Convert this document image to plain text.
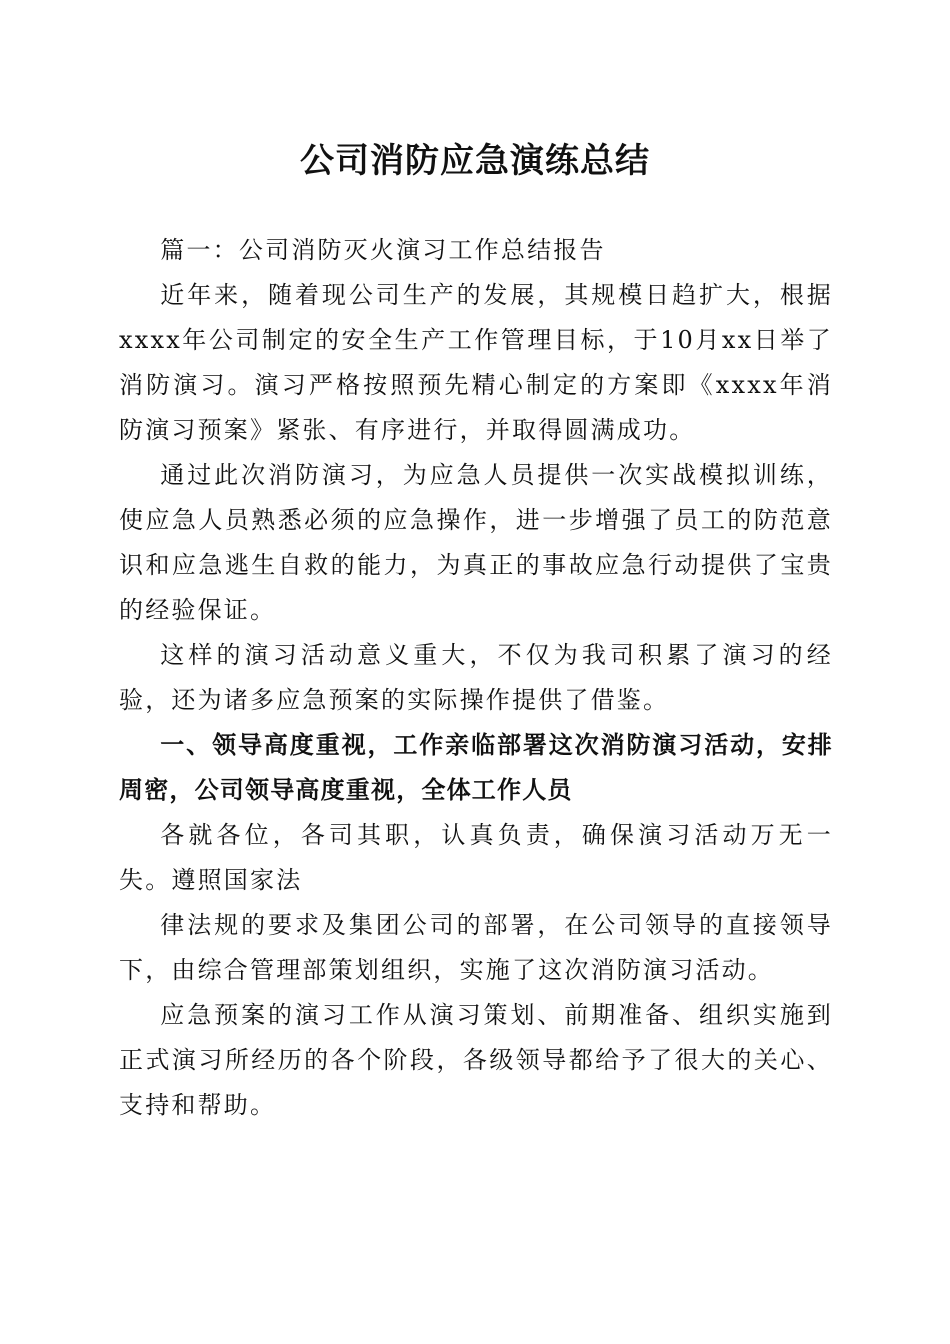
公司消防应急演练总结

篇一：公司消防灭火演习工作总结报告

近年来，随着现公司生产的发展，其规模日趋扩大，根据xxxx年公司制定的安全生产工作管理目标，于10月xx日举了消防演习。演习严格按照预先精心制定的方案即《xxxx年消防演习预案》紧张、有序进行，并取得圆满成功。

通过此次消防演习，为应急人员提供一次实战模拟训练，使应急人员熟悉必须的应急操作，进一步增强了员工的防范意识和应急逃生自救的能力，为真正的事故应急行动提供了宝贵的经验保证。

这样的演习活动意义重大，不仅为我司积累了演习的经验，还为诸多应急预案的实际操作提供了借鉴。

一、领导高度重视，工作亲临部署这次消防演习活动，安排周密，公司领导高度重视，全体工作人员

各就各位，各司其职，认真负责，确保演习活动万无一失。遵照国家法

律法规的要求及集团公司的部署，在公司领导的直接领导下，由综合管理部策划组织，实施了这次消防演习活动。

应急预案的演习工作从演习策划、前期准备、组织实施到正式演习所经历的各个阶段，各级领导都给予了很大的关心、支持和帮助。
